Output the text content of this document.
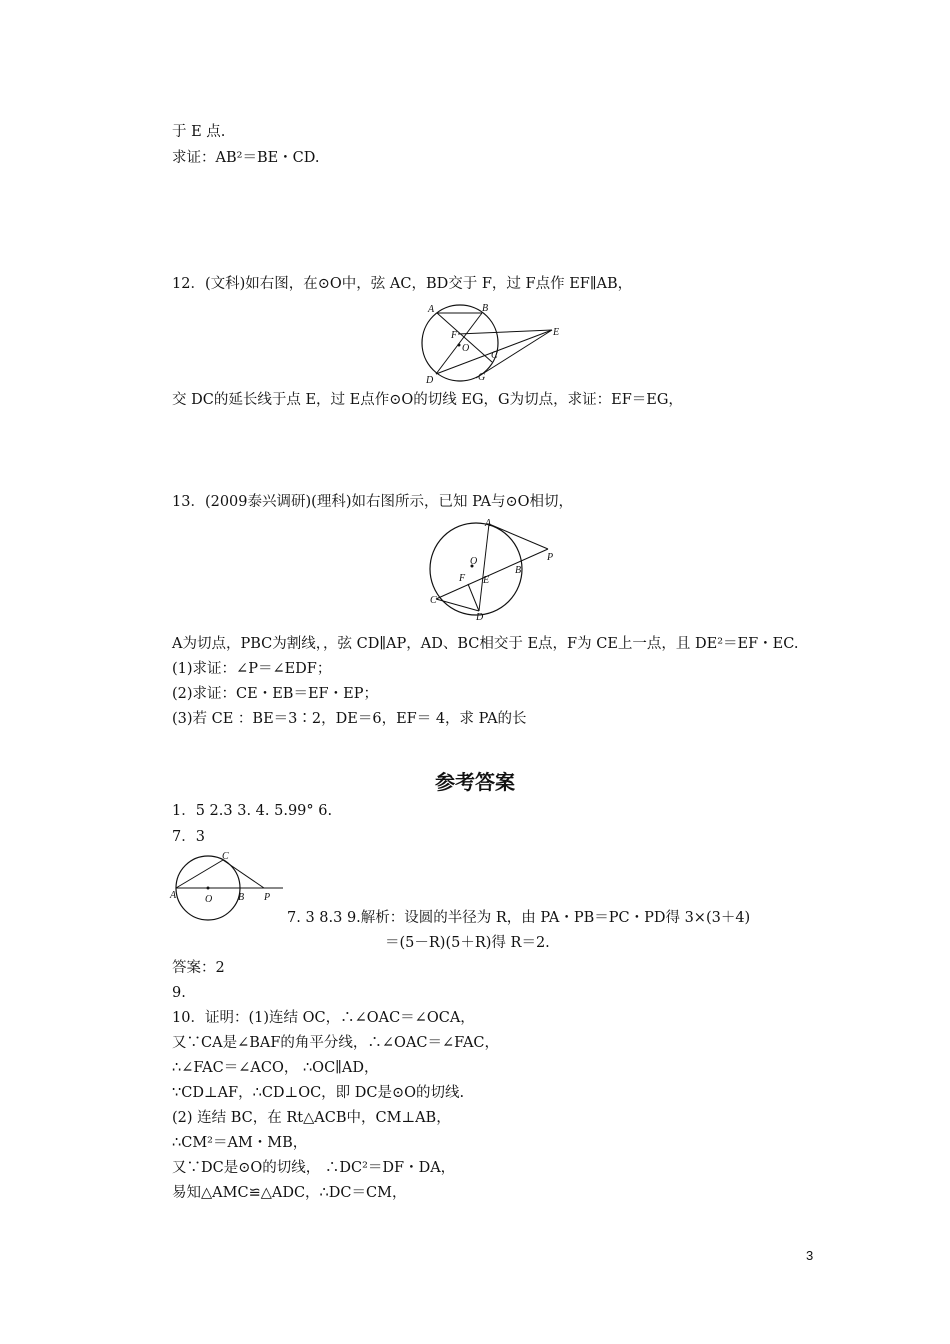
于 E 点.
求证：AB²＝BE・CD.
12．(文科)如右图，在⊙O中，弦 AC，BD交于 F，过 F点作 EF∥AB，
A	B
F
O
E
C
D	G
交 DC的延长线于点 E，过 E点作⊙O的切线 EG，G为切点，求证：EF＝EG，
13．(2009泰兴调研)(理科)如右图所示，已知 PA与⊙O相切，
A
P
O
B
F E
C
D
A为切点，PBC为割线，，弦 CD∥AP，AD、BC相交于 E点，F为 CE上一点，且 DE²＝EF・EC.
(1)求证：∠P＝∠EDF；
(2)求证：CE・EB＝EF・EP；
(3)若 CE ：BE＝3∶2，DE＝6，EF＝ 4，求 PA的长
参考答案
1．5 2.3 3. 4. 5.99° 6.
7．3
C
A	O	B P
7. 3 8.3 9.解析：设圆的半径为 R，由 PA・PB＝PC・PD得 3×(3＋4)
＝(5－R)(5＋R)得 R＝2.
答案：2
9.
10．证明：(1)连结 OC，∴∠OAC＝∠OCA，
又∵CA是∠BAF的角平分线，∴∠OAC＝∠FAC，
∴∠FAC＝∠ACO， ∴OC∥AD，
∵CD⊥AF，∴CD⊥OC，即 DC是⊙O的切线.
(2) 连结 BC，在 Rt△ACB中，CM⊥AB，
∴CM²＝AM・MB，
又∵DC是⊙O的切线， ∴DC²＝DF・DA，
易知△AMC≌△ADC，∴DC＝CM，
3
